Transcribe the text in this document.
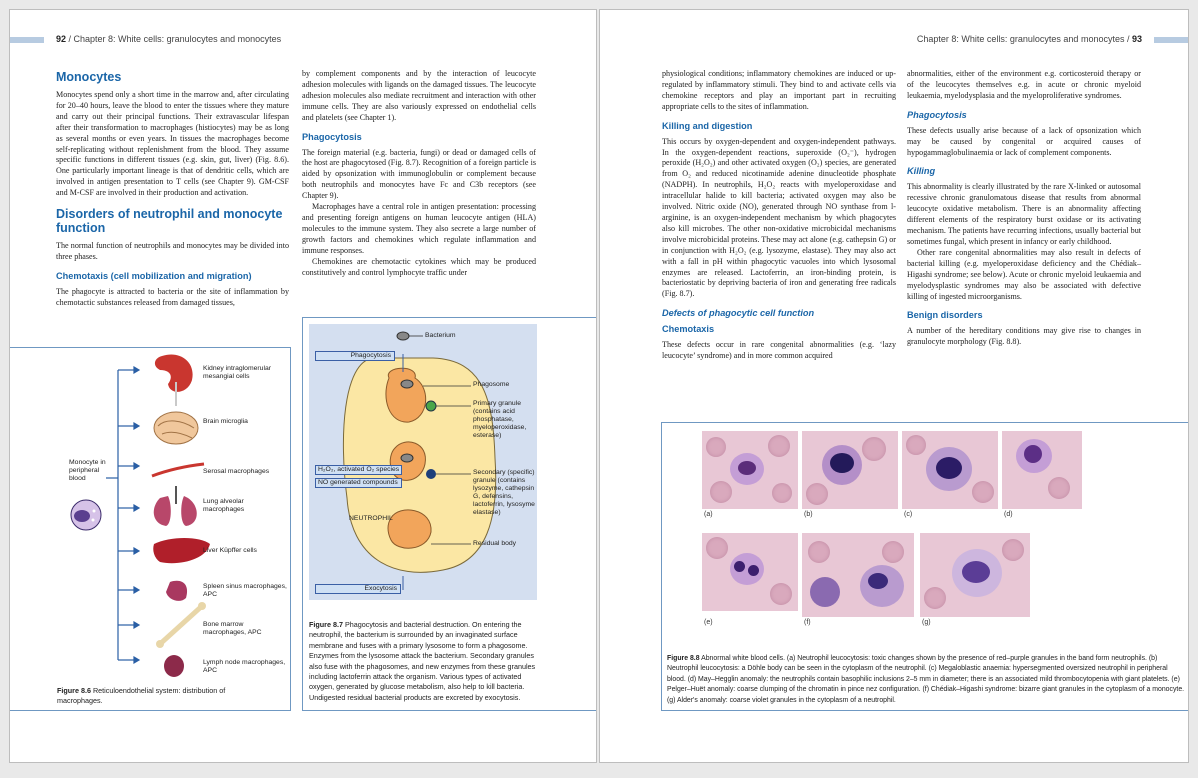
92 / Chapter 8: White cells: granulocytes and monocytes
Monocytes
Monocytes spend only a short time in the marrow and, after circulating for 20–40 hours, leave the blood to enter the tissues where they mature and carry out their principal functions. Their extravascular lifespan after their transformation to macrophages (histiocytes) may be as long as several months or even years. In tissues the macrophages become self-replicating without replenishment from the blood. They assume specific functions in different tissues (e.g. skin, gut, liver) (Fig. 8.6). One particularly important lineage is that of dendritic cells, which are involved in antigen presentation to T cells (see Chapter 9). GM-CSF and M-CSF are involved in their production and activation.
Disorders of neutrophil and monocyte function
The normal function of neutrophils and monocytes may be divided into three phases.
Chemotaxis (cell mobilization and migration)
The phagocyte is attracted to bacteria or the site of inflammation by chemotactic substances released from damaged tissues,
by complement components and by the interaction of leucocyte adhesion molecules with ligands on the damaged tissues. The leucocyte adhesion molecules also mediate recruitment and interaction with other immune cells. They are also variously expressed on endothelial cells and platelets (see Chapter 1).
Phagocytosis
The foreign material (e.g. bacteria, fungi) or dead or damaged cells of the host are phagocytosed (Fig. 8.7). Recognition of a foreign particle is aided by opsonization with immunoglobulin or complement because both neutrophils and monocytes have Fc and C3b receptors (see Chapter 9).
Macrophages have a central role in antigen presentation: processing and presenting foreign antigens on human leucocyte antigen (HLA) molecules to the immune system. They also secrete a large number of growth factors and chemokines which regulate inflammation and immune responses.
Chemokines are chemotactic cytokines which may be produced constitutively and control lymphocyte traffic under
Monocyte in peripheral blood
Kidney intraglomerular mesangial cells
Brain microglia
Serosal macrophages
Lung alveolar macrophages
Liver Küpffer cells
Spleen sinus macrophages, APC
Bone marrow macrophages, APC
Lymph node macrophages, APC
Figure 8.6 Reticuloendothelial system: distribution of macrophages.
Phagocytosis
Bacterium
Phagosome
Primary granule (contains acid phosphatase, myeloperoxidase, esterase)
H₂O₂, activated O₂ species
NO generated compounds
Secondary (specific) granule (contains lysozyme, cathepsin G, defensins, lactoferrin, lysosyme elastase)
NEUTROPHIL
Residual body
Exocytosis
Figure 8.7 Phagocytosis and bacterial destruction. On entering the neutrophil, the bacterium is surrounded by an invaginated surface membrane and fuses with a primary lysosome to form a phagosome. Enzymes from the lysosome attack the bacterium. Secondary granules also fuse with the phagosomes, and new enzymes from these granules including lactoferrin attack the organism. Various types of activated oxygen, generated by glucose metabolism, also help to kill bacteria. Undigested residual bacterial products are excreted by exocytosis.
Chapter 8: White cells: granulocytes and monocytes / 93
physiological conditions; inflammatory chemokines are induced or up-regulated by inflammatory stimuli. They bind to and activate cells via chemokine receptors and play an important part in recruiting appropriate cells to the sites of inflammation.
Killing and digestion
This occurs by oxygen-dependent and oxygen-independent pathways. In the oxygen-dependent reactions, superoxide (O₂⁻), hydrogen peroxide (H₂O₂) and other activated oxygen (O₂) species, are generated from O₂ and reduced nicotinamide adenine dinucleotide phosphate (NADPH). In neutrophils, H₂O₂ reacts with myeloperoxidase and intracellular halide to kill bacteria; activated oxygen may also be involved. Nitric oxide (NO), generated through NO synthase from l-arginine, is an oxygen-independent mechanism by which phagocytes also kill microbes. The other non-oxidative microbicidal mechanisms involve microbicidal proteins. These may act alone (e.g. cathepsin G) or in conjunction with H₂O₂ (e.g. lysozyme, elastase). They may also act with a fall in pH within phagocytic vacuoles into which lysosomal enzymes are released. Lactoferrin, an iron-binding protein, is bacteriostatic by depriving bacteria of iron and generating free radicals (Fig. 8.7).
Defects of phagocytic cell function
Chemotaxis
These defects occur in rare congenital abnormalities (e.g. ‘lazy leucocyte’ syndrome) and in more common acquired
abnormalities, either of the environment e.g. corticosteroid therapy or of the leucocytes themselves e.g. in acute or chronic myeloid leukaemia, myelodysplasia and the myeloproliferative syndromes.
Phagocytosis
These defects usually arise because of a lack of opsonization which may be caused by congenital or acquired causes of hypogammaglobulinaemia or lack of complement components.
Killing
This abnormality is clearly illustrated by the rare X-linked or autosomal recessive chronic granulomatous disease that results from abnormal leucocyte oxidative metabolism. There is an abnormality affecting different elements of the respiratory burst oxidase or its activating mechanism. The patients have recurring infections, usually bacterial but sometimes fungal, which present in infancy or early childhood.
Other rare congenital abnormalities may also result in defects of bacterial killing (e.g. myeloperoxidase deficiency and the Chédiak–Higashi syndrome; see below). Acute or chronic myeloid leukaemia and myelodysplastic syndromes may also be associated with defective killing of ingested microorganisms.
Benign disorders
A number of the hereditary conditions may give rise to changes in granulocyte morphology (Fig. 8.8).
(a)	(b)	(c)	(d)
(e)	(f)	(g)
Figure 8.8 Abnormal white blood cells. (a) Neutrophil leucocytosis: toxic changes shown by the presence of red–purple granules in the band form neutrophils. (b) Neutrophil leucocytosis: a Döhle body can be seen in the cytoplasm of the neutrophil. (c) Megaloblastic anaemia: hypersegmented oversized neutrophil in peripheral blood. (d) May–Hegglin anomaly: the neutrophils contain basophilic inclusions 2–5 mm in diameter; there is an associated mild thrombocytopenia with giant platelets. (e) Pelger–Huët anomaly: coarse clumping of the chromatin in pince nez configuration. (f) Chédiak–Higashi syndrome: bizarre giant granules in the cytoplasm of a monocyte. (g) Alder's anomaly: coarse violet granules in the cytoplasm of a neutrophil.
